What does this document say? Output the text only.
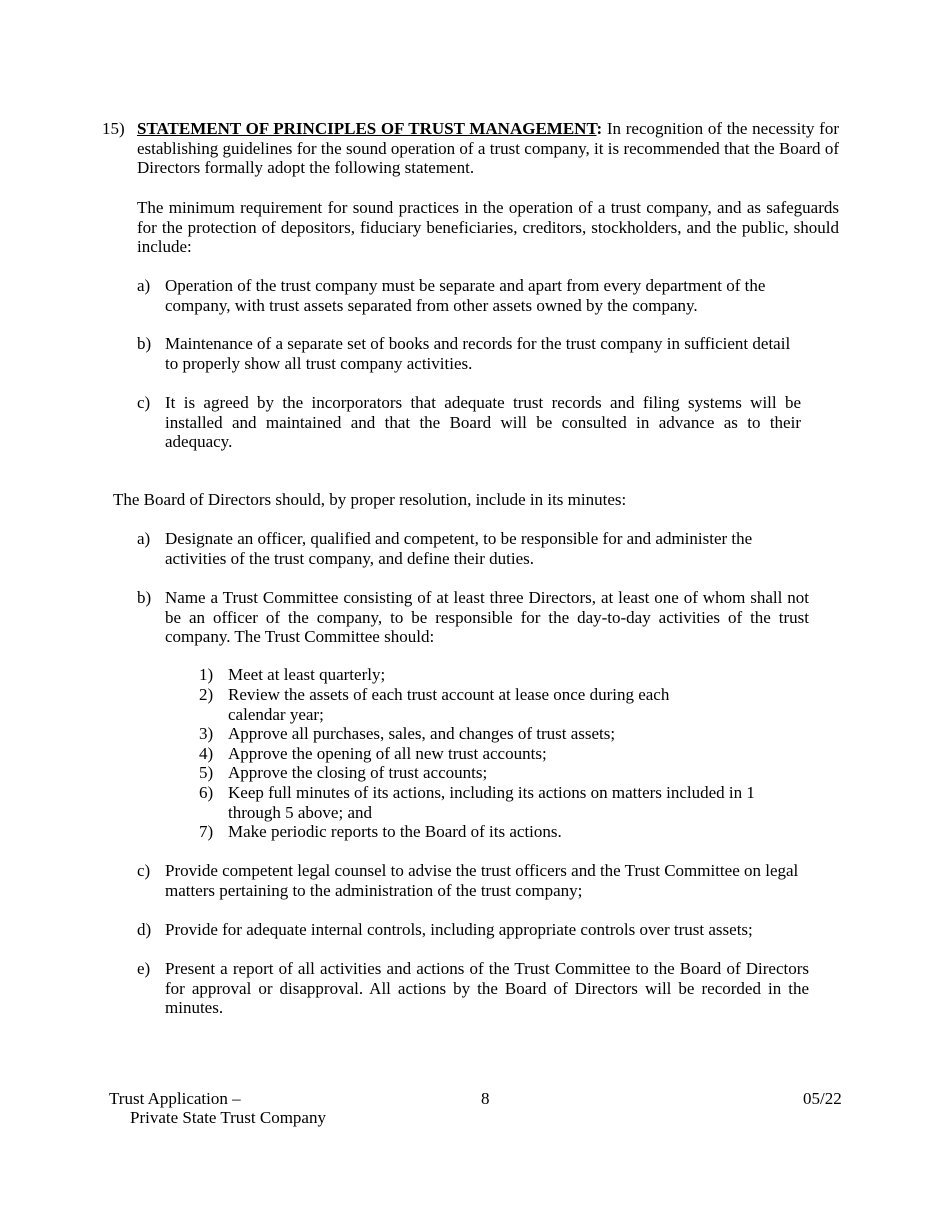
15) STATEMENT OF PRINCIPLES OF TRUST MANAGEMENT: In recognition of the necessity for establishing guidelines for the sound operation of a trust company, it is recommended that the Board of Directors formally adopt the following statement.
The minimum requirement for sound practices in the operation of a trust company, and as safeguards for the protection of depositors, fiduciary beneficiaries, creditors, stockholders, and the public, should include:
a) Operation of the trust company must be separate and apart from every department of the company, with trust assets separated from other assets owned by the company.
b) Maintenance of a separate set of books and records for the trust company in sufficient detail to properly show all trust company activities.
c) It is agreed by the incorporators that adequate trust records and filing systems will be installed and maintained and that the Board will be consulted in advance as to their adequacy.
The Board of Directors should, by proper resolution, include in its minutes:
a) Designate an officer, qualified and competent, to be responsible for and administer the activities of the trust company, and define their duties.
b) Name a Trust Committee consisting of at least three Directors, at least one of whom shall not be an officer of the company, to be responsible for the day-to-day activities of the trust company. The Trust Committee should:
1) Meet at least quarterly;
2) Review the assets of each trust account at lease once during each calendar year;
3) Approve all purchases, sales, and changes of trust assets;
4) Approve the opening of all new trust accounts;
5) Approve the closing of trust accounts;
6) Keep full minutes of its actions, including its actions on matters included in 1 through 5 above; and
7) Make periodic reports to the Board of its actions.
c) Provide competent legal counsel to advise the trust officers and the Trust Committee on legal matters pertaining to the administration of the trust company;
d) Provide for adequate internal controls, including appropriate controls over trust assets;
e) Present a report of all activities and actions of the Trust Committee to the Board of Directors for approval or disapproval. All actions by the Board of Directors will be recorded in the minutes.
Trust Application –
Private State Trust Company
8	05/22
